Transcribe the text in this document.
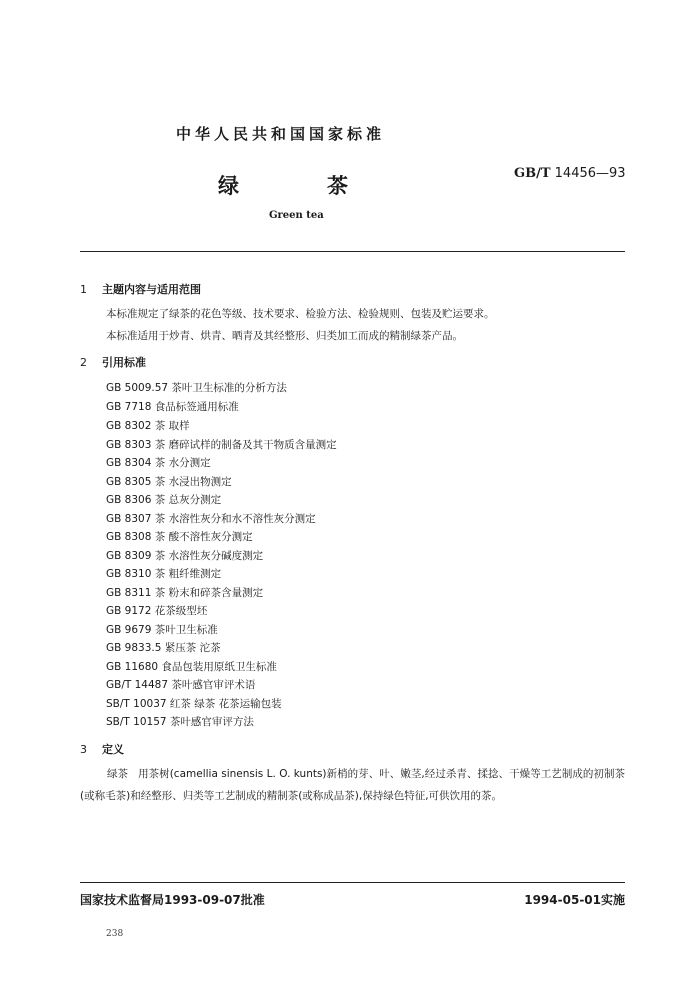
中华人民共和国国家标准
绿	茶
GB/T 14456—93
Green tea
1 主题内容与适用范围
本标准规定了绿茶的花色等级、技术要求、检验方法、检验规则、包装及贮运要求。
本标准适用于炒青、烘青、晒青及其经整形、归类加工而成的精制绿茶产品。
2 引用标准
GB 5009.57 茶叶卫生标准的分析方法
GB 7718 食品标签通用标准
GB 8302 茶 取样
GB 8303 茶 磨碎试样的制备及其干物质含量测定
GB 8304 茶 水分测定
GB 8305 茶 水浸出物测定
GB 8306 茶 总灰分测定
GB 8307 茶 水溶性灰分和水不溶性灰分测定
GB 8308 茶 酸不溶性灰分测定
GB 8309 茶 水溶性灰分碱度测定
GB 8310 茶 粗纤维测定
GB 8311 茶 粉末和碎茶含量测定
GB 9172 花茶级型坯
GB 9679 茶叶卫生标准
GB 9833.5 紧压茶 沱茶
GB 11680 食品包装用原纸卫生标准
GB/T 14487 茶叶感官审评术语
SB/T 10037 红茶 绿茶 花茶运输包装
SB/T 10157 茶叶感官审评方法
3 定义
绿茶 用茶树(camellia sinensis L. O. kunts)新梢的芽、叶、嫩茎,经过杀青、揉捻、干燥等工艺制成的初制茶(或称毛茶)和经整形、归类等工艺制成的精制茶(或称成品茶),保持绿色特征,可供饮用的茶。
国家技术监督局1993-09-07批准	1994-05-01实施
238
